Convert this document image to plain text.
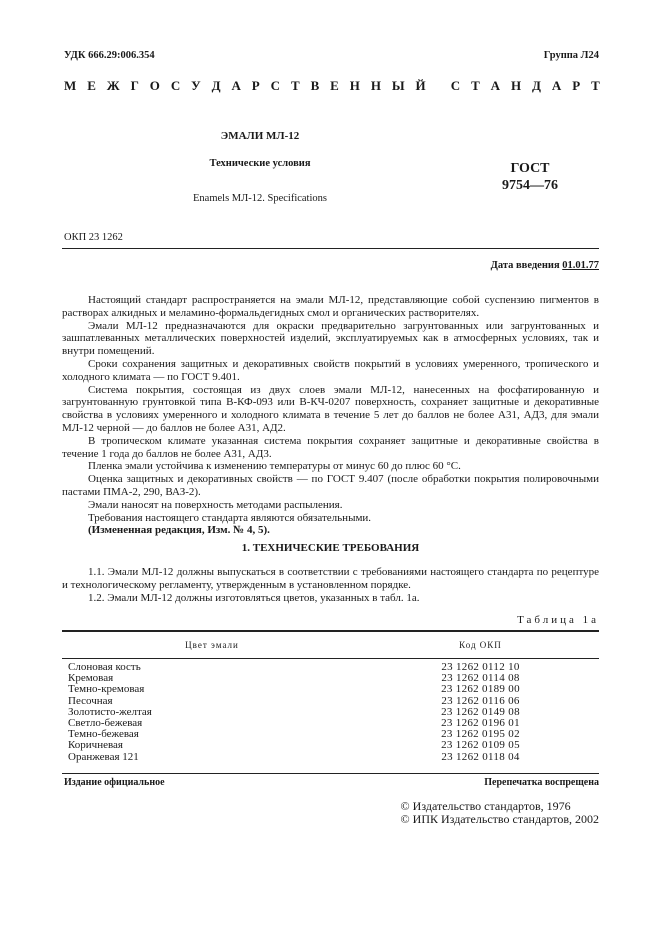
УДК 666.29:006.354	Группа Л24
М Е Ж Г О С У Д А Р С Т В Е Н Н Ы Й
С Т А Н Д А Р Т
ЭМАЛИ МЛ-12
Технические условия
Enamels МЛ-12. Specifications
ГОСТ
9754—76
ОКП 23 1262
Дата введения 01.01.77

Настоящий стандарт распространяется на эмали МЛ-12, представляющие собой суспензию пигментов в растворах алкидных и меламино-формальдегидных смол и органических растворителях.

Эмали МЛ-12 предназначаются для окраски предварительно загрунтованных или загрунтованных и зашпатлеванных металлических поверхностей изделий, эксплуатируемых как в атмосферных условиях, так и внутри помещений.

Сроки сохранения защитных и декоративных свойств покрытий в условиях умеренного, тропического и холодного климата — по ГОСТ 9.401.

Система покрытия, состоящая из двух слоев эмали МЛ-12, нанесенных на фосфатированную и загрунтованную грунтовкой типа В-КФ-093 или В-КЧ-0207 поверхность, сохраняет защитные и декоративные свойства в условиях умеренного и холодного климата в течение 5 лет до баллов не более А31, АД3, для эмали МЛ-12 черной — до баллов не более А31, АД2.

В тропическом климате указанная система покрытия сохраняет защитные и декоративные свойства в течение 1 года до баллов не более А31, АД3.

Пленка эмали устойчива к изменению температуры от минус 60 до плюс 60 °С.

Оценка защитных и декоративных свойств — по ГОСТ 9.407 (после обработки покрытия полировочными пастами ПМА-2, 290, ВАЗ-2).

Эмали наносят на поверхность методами распыления.

Требования настоящего стандарта являются обязательными.

(Измененная редакция, Изм. № 4, 5).

1. ТЕХНИЧЕСКИЕ ТРЕБОВАНИЯ

1.1. Эмали МЛ-12 должны выпускаться в соответствии с требованиями настоящего стандарта по рецептуре и технологическому регламенту, утвержденным в установленном порядке.

1.2. Эмали МЛ-12 должны изготовляться цветов, указанных в табл. 1а.

Таблица 1а
Цвет эмали	Код ОКП
Слоновая кость	23 1262 0112 10
Кремовая	23 1262 0114 08
Темно-кремовая	23 1262 0189 00
Песочная	23 1262 0116 06
Золотисто-желтая	23 1262 0149 08
Светло-бежевая	23 1262 0196 01
Темно-бежевая	23 1262 0195 02
Коричневая	23 1262 0109 05
Оранжевая 121	23 1262 0118 04
Издание официальное	Перепечатка воспрещена
© Издательство стандартов, 1976
© ИПК Издательство стандартов, 2002
